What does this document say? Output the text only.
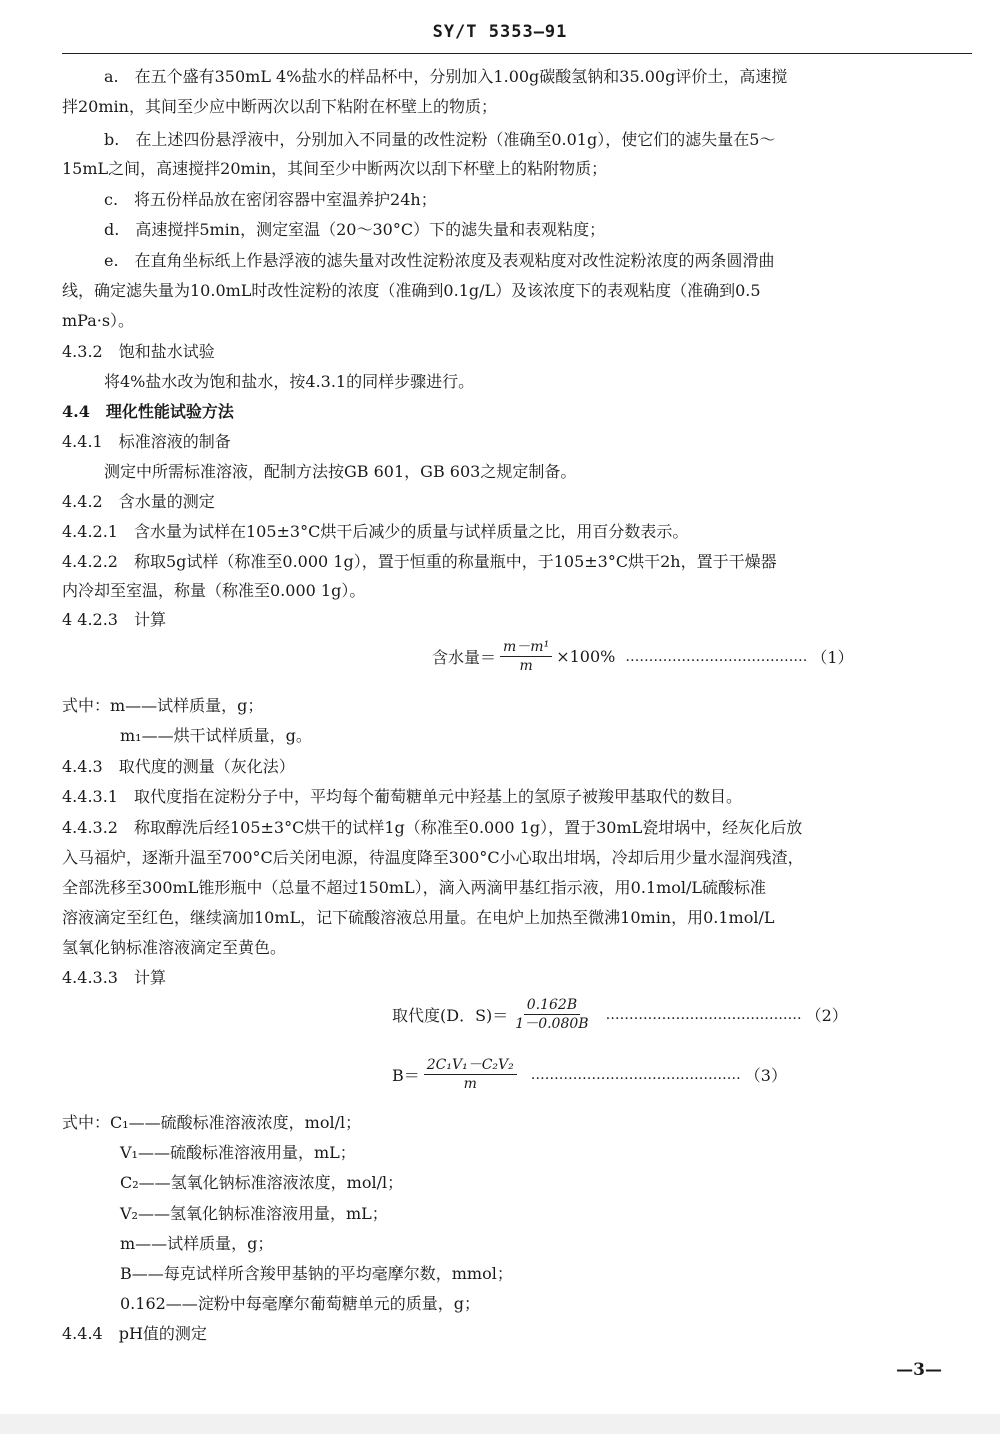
SY/T 5353—91
a.　在五个盛有350mL 4%盐水的样品杯中，分别加入1.00g碳酸氢钠和35.00g评价土，高速搅
拌20min，其间至少应中断两次以刮下粘附在杯壁上的物质；
b.　在上述四份悬浮液中，分别加入不同量的改性淀粉（准确至0.01g），使它们的滤失量在5～
15mL之间，高速搅拌20min，其间至少中断两次以刮下杯壁上的粘附物质；
c.　将五份样品放在密闭容器中室温养护24h；
d.　高速搅拌5min，测定室温（20～30°C）下的滤失量和表观粘度；
e.　在直角坐标纸上作悬浮液的滤失量对改性淀粉浓度及表观粘度对改性淀粉浓度的两条圆滑曲
线，确定滤失量为10.0mL时改性淀粉的浓度（准确到0.1g/L）及该浓度下的表观粘度（准确到0.5
mPa·s）。
4.3.2　饱和盐水试验
将4%盐水改为饱和盐水，按4.3.1的同样步骤进行。
4.4　理化性能试验方法
4.4.1　标准溶液的制备
测定中所需标准溶液，配制方法按GB 601，GB 603之规定制备。
4.4.2　含水量的测定
4.4.2.1　含水量为试样在105±3°C烘干后减少的质量与试样质量之比，用百分数表示。
4.4.2.2　称取5g试样（称准至0.000 1g），置于恒重的称量瓶中，于105±3°C烘干2h，置于干燥器
内冷却至室温，称量（称准至0.000 1g）。
4 4.2.3　计算
式中：m——试样质量，g；
m₁——烘干试样质量，g。
4.4.3　取代度的测量（灰化法）
4.4.3.1　取代度指在淀粉分子中，平均每个葡萄糖单元中羟基上的氢原子被羧甲基取代的数目。
4.4.3.2　称取醇洗后经105±3°C烘干的试样1g（称准至0.000 1g），置于30mL瓷坩埚中，经灰化后放
入马福炉，逐渐升温至700°C后关闭电源，待温度降至300°C小心取出坩埚，冷却后用少量水湿润残渣，
全部洗移至300mL锥形瓶中（总量不超过150mL），滴入两滴甲基红指示液，用0.1mol/L硫酸标准
溶液滴定至红色，继续滴加10mL，记下硫酸溶液总用量。在电炉上加热至微沸10min，用0.1mol/L
氢氧化钠标准溶液滴定至黄色。
4.4.3.3　计算
式中：C₁——硫酸标准溶液浓度，mol/l；
V₁——硫酸标准溶液用量，mL；
C₂——氢氧化钠标准溶液浓度，mol/l；
V₂——氢氧化钠标准溶液用量，mL；
m——试样质量，g；
B——每克试样所含羧甲基钠的平均毫摩尔数，mmol；
0.162——淀粉中每毫摩尔葡萄糖单元的质量，g；
4.4.4　pH值的测定
含水量＝ $\frac{\text{m－m¹}}{m} \times 100\%$ ………………………………… （1）
取代度(D．$S)= \frac{0.162B}{1-0.080B}$ …………………………………… （2）
$B= \frac{\text{2C₁V₁－C₂V₂}}{m}$ ……………………………………… （3）
—3—
